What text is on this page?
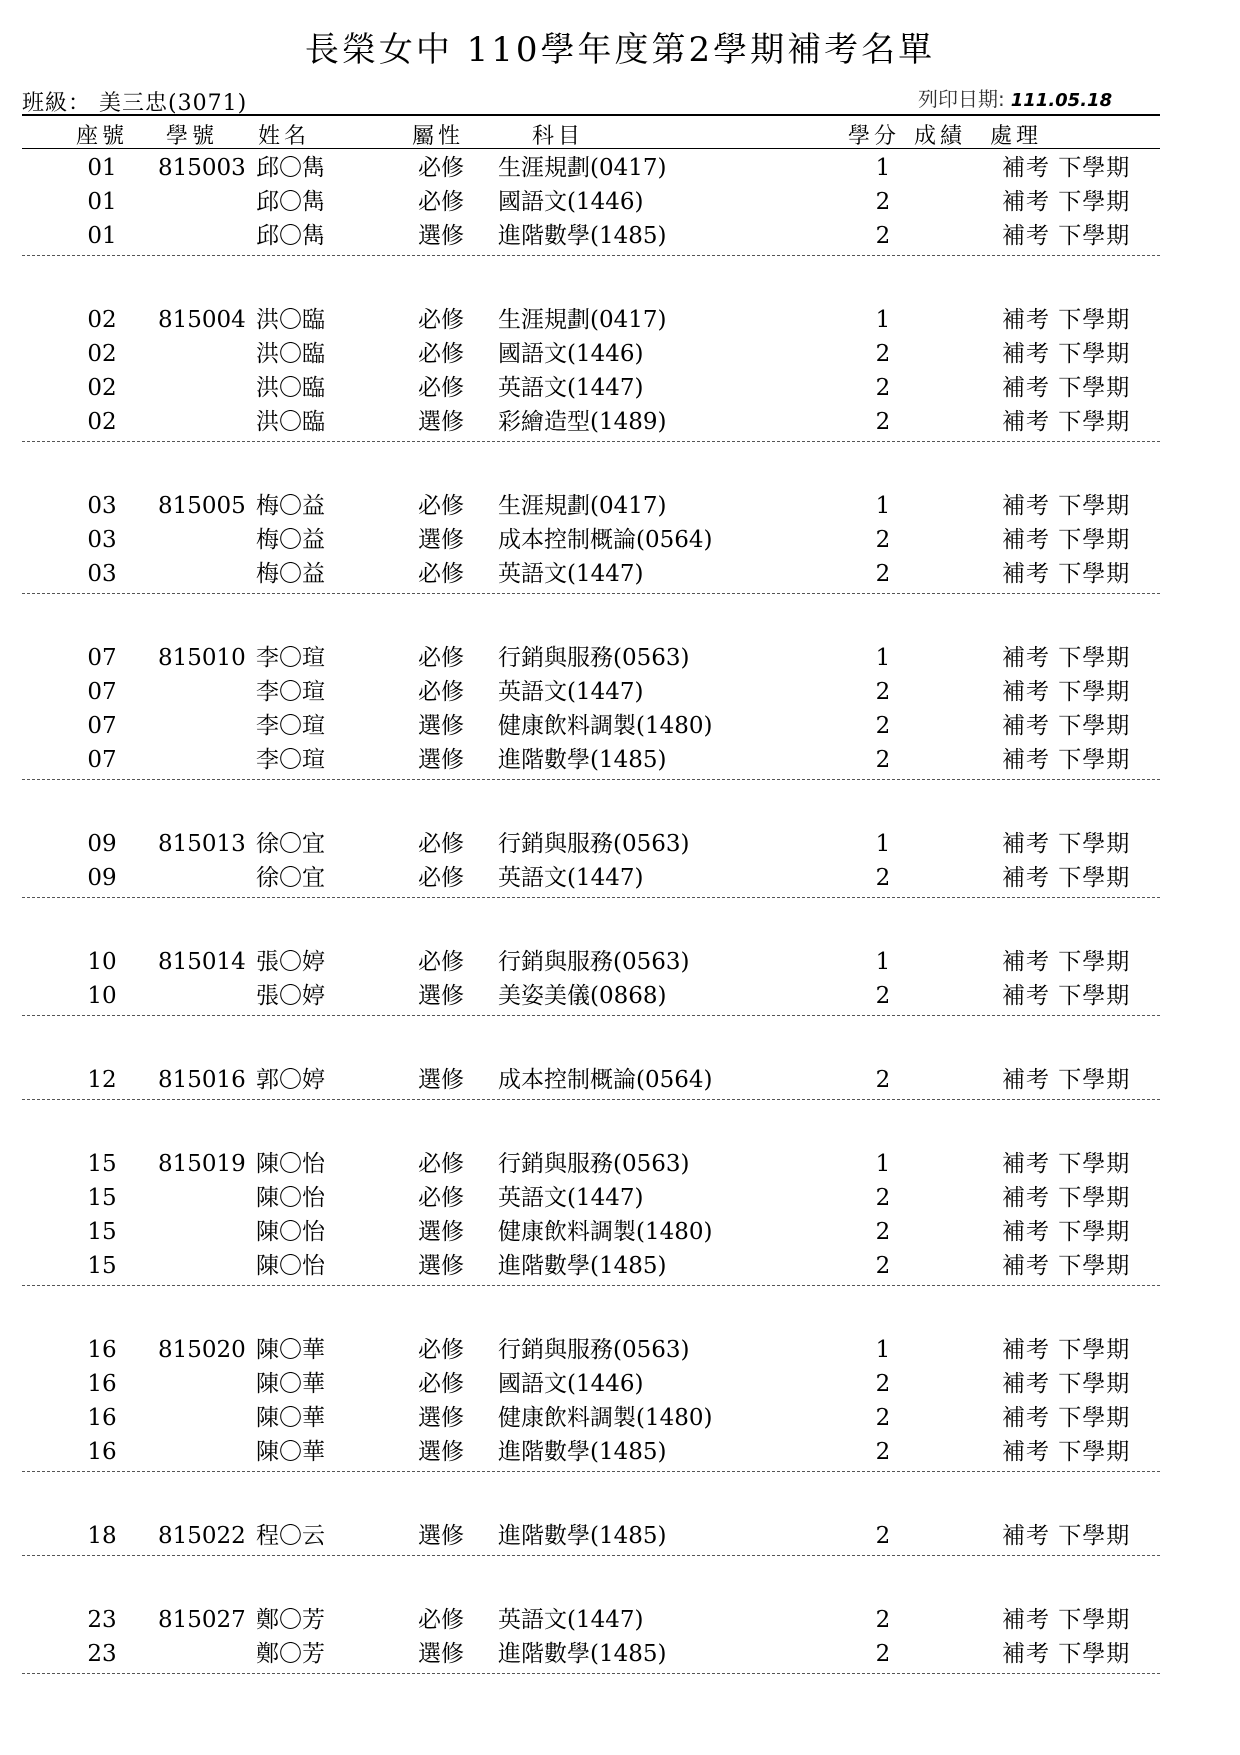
長榮女中 110學年度第2學期補考名單
班級： 美三忠(3071)	列印日期: 111.05.18
座號 學號 姓名	屬性	科目	學分 成績 處理
01 815003 邱〇雋	必修 生涯規劃(0417)	1	補考 下學期
01	邱〇雋	必修 國語文(1446)	2	補考 下學期
01	邱〇雋	選修 進階數學(1485)	2	補考 下學期
02 815004 洪〇臨	必修 生涯規劃(0417)	1	補考 下學期
02	洪〇臨	必修 國語文(1446)	2	補考 下學期
02	洪〇臨	必修 英語文(1447)	2	補考 下學期
02	洪〇臨	選修 彩繪造型(1489)	2	補考 下學期
03 815005 梅〇益	必修 生涯規劃(0417)	1	補考 下學期
03	梅〇益	選修 成本控制概論(0564)	2	補考 下學期
03	梅〇益	必修 英語文(1447)	2	補考 下學期
07 815010 李〇瑄	必修 行銷與服務(0563)	1	補考 下學期
07	李〇瑄	必修 英語文(1447)	2	補考 下學期
07	李〇瑄	選修 健康飲料調製(1480)	2	補考 下學期
07	李〇瑄	選修 進階數學(1485)	2	補考 下學期
09 815013 徐〇宜	必修 行銷與服務(0563)	1	補考 下學期
09	徐〇宜	必修 英語文(1447)	2	補考 下學期
10 815014 張〇婷	必修 行銷與服務(0563)	1	補考 下學期
10	張〇婷	選修 美姿美儀(0868)	2	補考 下學期
12 815016 郭〇婷	選修 成本控制概論(0564)	2	補考 下學期
15 815019 陳〇怡	必修 行銷與服務(0563)	1	補考 下學期
15	陳〇怡	必修 英語文(1447)	2	補考 下學期
15	陳〇怡	選修 健康飲料調製(1480)	2	補考 下學期
15	陳〇怡	選修 進階數學(1485)	2	補考 下學期
16 815020 陳〇華	必修 行銷與服務(0563)	1	補考 下學期
16	陳〇華	必修 國語文(1446)	2	補考 下學期
16	陳〇華	選修 健康飲料調製(1480)	2	補考 下學期
16	陳〇華	選修 進階數學(1485)	2	補考 下學期
18 815022 程〇云	選修 進階數學(1485)	2	補考 下學期
23 815027 鄭〇芳	必修 英語文(1447)	2	補考 下學期
23	鄭〇芳	選修 進階數學(1485)	2	補考 下學期
